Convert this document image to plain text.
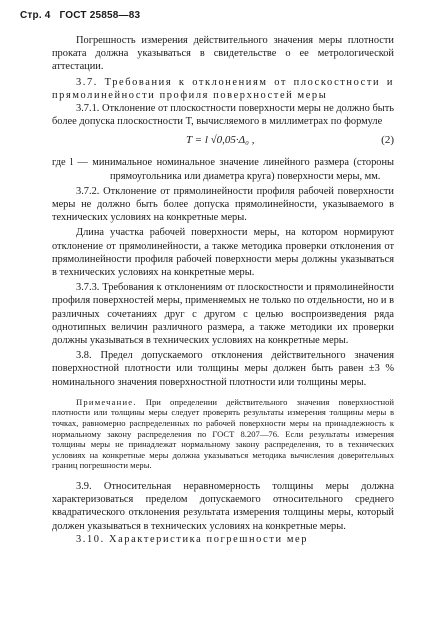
Стр. 4 ГОСТ 25858—83

Погрешность измерения действительного значения меры плотности проката должна указываться в свидетельстве о ее метрологической аттестации.

3.7. Требования к отклонениям от плоскостности и прямолинейности профиля поверхностей меры

3.7.1. Отклонение от плоскостности поверхности меры не должно быть более допуска плоскостности T, вычисляемого в миллиметрах по формуле

T = l √0,05·Δ₀ ,	(2)

где l — минимальное номинальное значение линейного размера (стороны прямоугольника или диаметра круга) поверхности меры, мм.

3.7.2. Отклонение от прямолинейности профиля рабочей поверхности меры не должно быть более допуска прямолинейности, указываемого в технических условиях на конкретные меры.

Длина участка рабочей поверхности меры, на котором нормируют отклонение от прямолинейности, а также методика проверки отклонения от прямолинейности профиля рабочей поверхности меры должны указываться в технических условиях на конкретные меры.

3.7.3. Требования к отклонениям от плоскостности и прямолинейности профиля поверхностей меры, применяемых не только по отдельности, но и в различных сочетаниях друг с другом с целью воспроизведения ряда однотипных величин различного размера, а также методики их проверки должны указываться в технических условиях на конкретные меры.

3.8. Предел допускаемого отклонения действительного значения поверхностной плотности или толщины меры должен быть равен ±3 % номинального значения поверхностной плотности или толщины меры.

Примечание. При определении действительного значения поверхностной плотности или толщины меры следует проверять результаты измерения толщины меры в точках, равномерно распределенных по рабочей поверхности меры на принадлежность к нормальному закону распределения по ГОСТ 8.207—76. Если результаты измерения толщины меры не принадлежат нормальному закону распределения, то в технических условиях на конкретные меры должна указываться методика вычисления доверительных границ погрешности меры.

3.9. Относительная неравномерность толщины меры должна характеризоваться пределом допускаемого относительного среднего квадратического отклонения результата измерения толщины меры, который должен указываться в технических условиях на конкретные меры.

3.10. Характеристика погрешности мер
